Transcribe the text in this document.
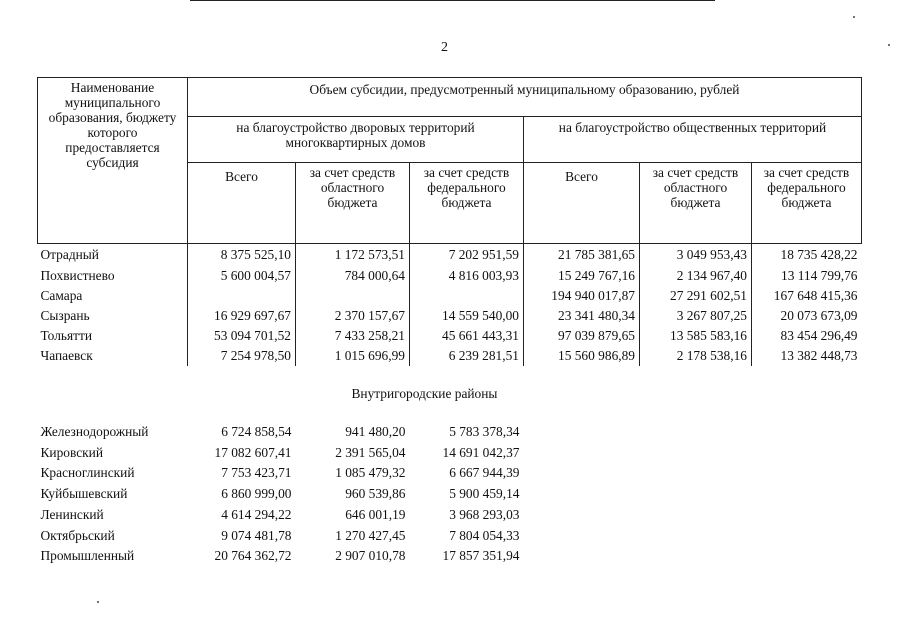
2
Наименование муниципального образования, бюджету которого предоставляется субсидия	Объем субсидии, предусмотренный муниципальному образованию, рублей					
	на благоустройство дворовых территорий многоквартирных домов			на благоустройство общественных территорий		
	Всего	за счет средств областного бюджета	за счет средств федерального бюджета	Всего	за счет средств областного бюджета	за счет средств федерального бюджета
Отрадный	8 375 525,10	1 172 573,51	7 202 951,59	21 785 381,65	3 049 953,43	18 735 428,22
Похвистнево	5 600 004,57	784 000,64	4 816 003,93	15 249 767,16	2 134 967,40	13 114 799,76
Самара				194 940 017,87	27 291 602,51	167 648 415,36
Сызрань	16 929 697,67	2 370 157,67	14 559 540,00	23 341 480,34	3 267 807,25	20 073 673,09
Тольятти	53 094 701,52	7 433 258,21	45 661 443,31	97 039 879,65	13 585 583,16	83 454 296,49
Чапаевск	7 254 978,50	1 015 696,99	6 239 281,51	15 560 986,89	2 178 538,16	13 382 448,73
Внутригородские районы						
Железнодорожный	6 724 858,54	941 480,20	5 783 378,34			
Кировский	17 082 607,41	2 391 565,04	14 691 042,37			
Красноглинский	7 753 423,71	1 085 479,32	6 667 944,39			
Куйбышевский	6 860 999,00	960 539,86	5 900 459,14			
Ленинский	4 614 294,22	646 001,19	3 968 293,03			
Октябрьский	9 074 481,78	1 270 427,45	7 804 054,33			
Промышленный	20 764 362,72	2 907 010,78	17 857 351,94			
